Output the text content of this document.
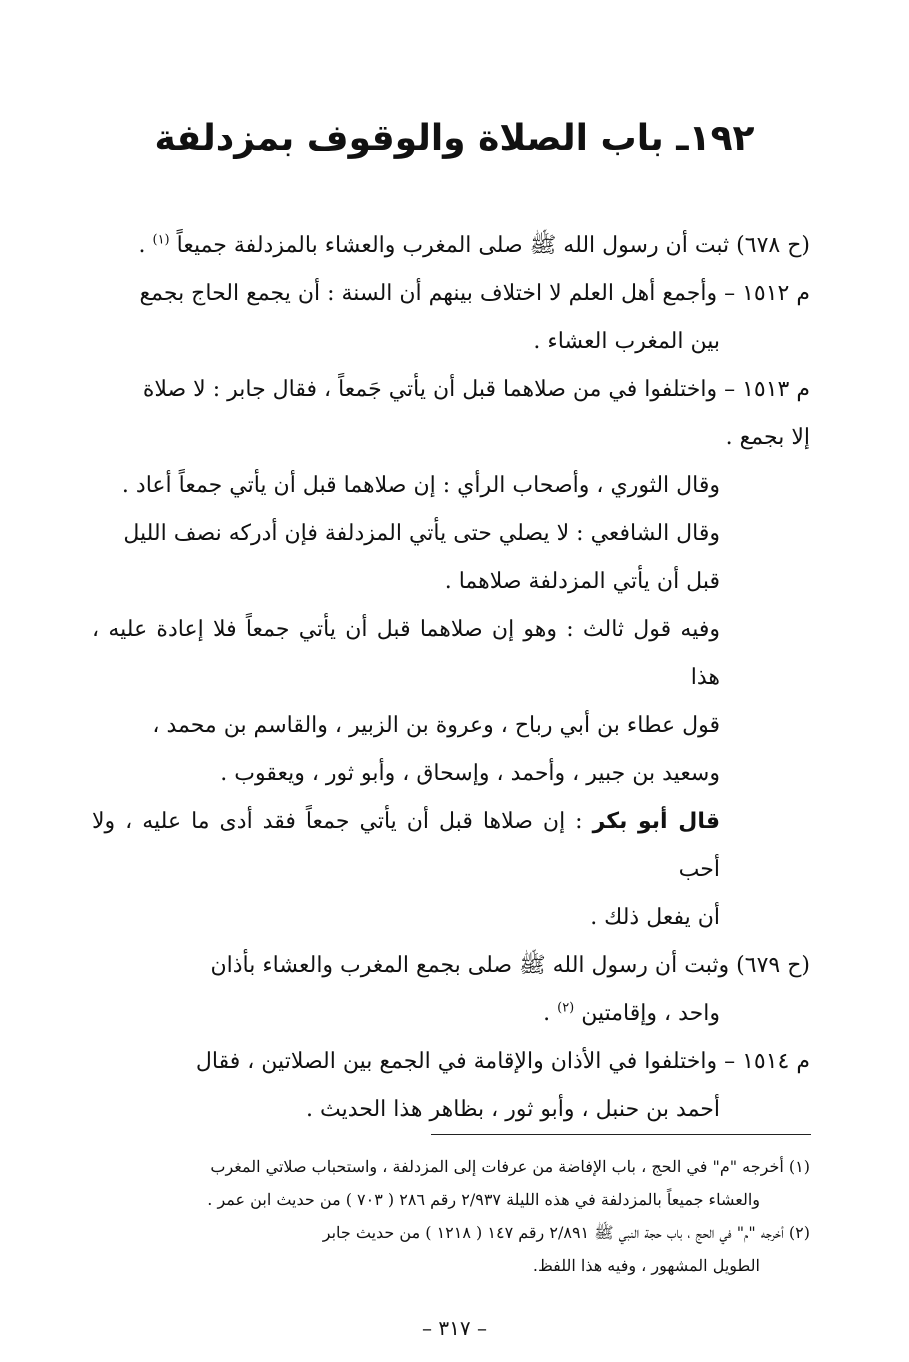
١٩٢ـ باب الصلاة والوقوف بمزدلفة

(ح ٦٧٨) ثبت أن رسول الله ﷺ صلى المغرب والعشاء بالمزدلفة جميعاً $^{(١)}$ .

م ١٥١٢ – وأجمع أهل العلم لا اختلاف بينهم أن السنة : أن يجمع الحاج بجمع

بين المغرب العشاء .

م ١٥١٣ – واختلفوا في من صلاهما قبل أن يأتي جَمعاً ، فقال جابر : لا صلاة

إلا بجمع .

وقال الثوري ، وأصحاب الرأي : إن صلاهما قبل أن يأتي جمعاً أعاد .

وقال الشافعي : لا يصلي حتى يأتي المزدلفة فإن أدركه نصف الليل

قبل أن يأتي المزدلفة صلاهما .

وفيه قول ثالث : وهو إن صلاهما قبل أن يأتي جمعاً فلا إعادة عليه ، هذا

قول عطاء بن أبي رباح ، وعروة بن الزبير ، والقاسم بن محمد ،

وسعيد بن جبير ، وأحمد ، وإسحاق ، وأبو ثور ، ويعقوب .

قال أبو بكر : إن صلاها قبل أن يأتي جمعاً فقد أدى ما عليه ، ولا أحب

أن يفعل ذلك .

(ح ٦٧٩) وثبت أن رسول الله ﷺ صلى بجمع المغرب والعشاء بأذان

واحد ، وإقامتين $^{(٢)}$ .

م ١٥١٤ – واختلفوا في الأذان والإقامة في الجمع بين الصلاتين ، فقال

أحمد بن حنبل ، وأبو ثور ، بظاهر هذا الحديث .

(١) أخرجه "م" في الحج ، باب الإفاضة من عرفات إلى المزدلفة ، واستحباب صلاتي المغرب

والعشاء جميعاً بالمزدلفة في هذه الليلة ٢/٩٣٧ رقم ٢٨٦ ( ٧٠٣ ) من حديث ابن عمر .

(٢) أخرجه "م" في الحج ، باب حجة النبي ﷺ ٢/٨٩١ رقم ١٤٧ ( ١٢١٨ ) من حديث جابر

الطويل المشهور ، وفيه هذا اللفظ.

– ٣١٧ –
